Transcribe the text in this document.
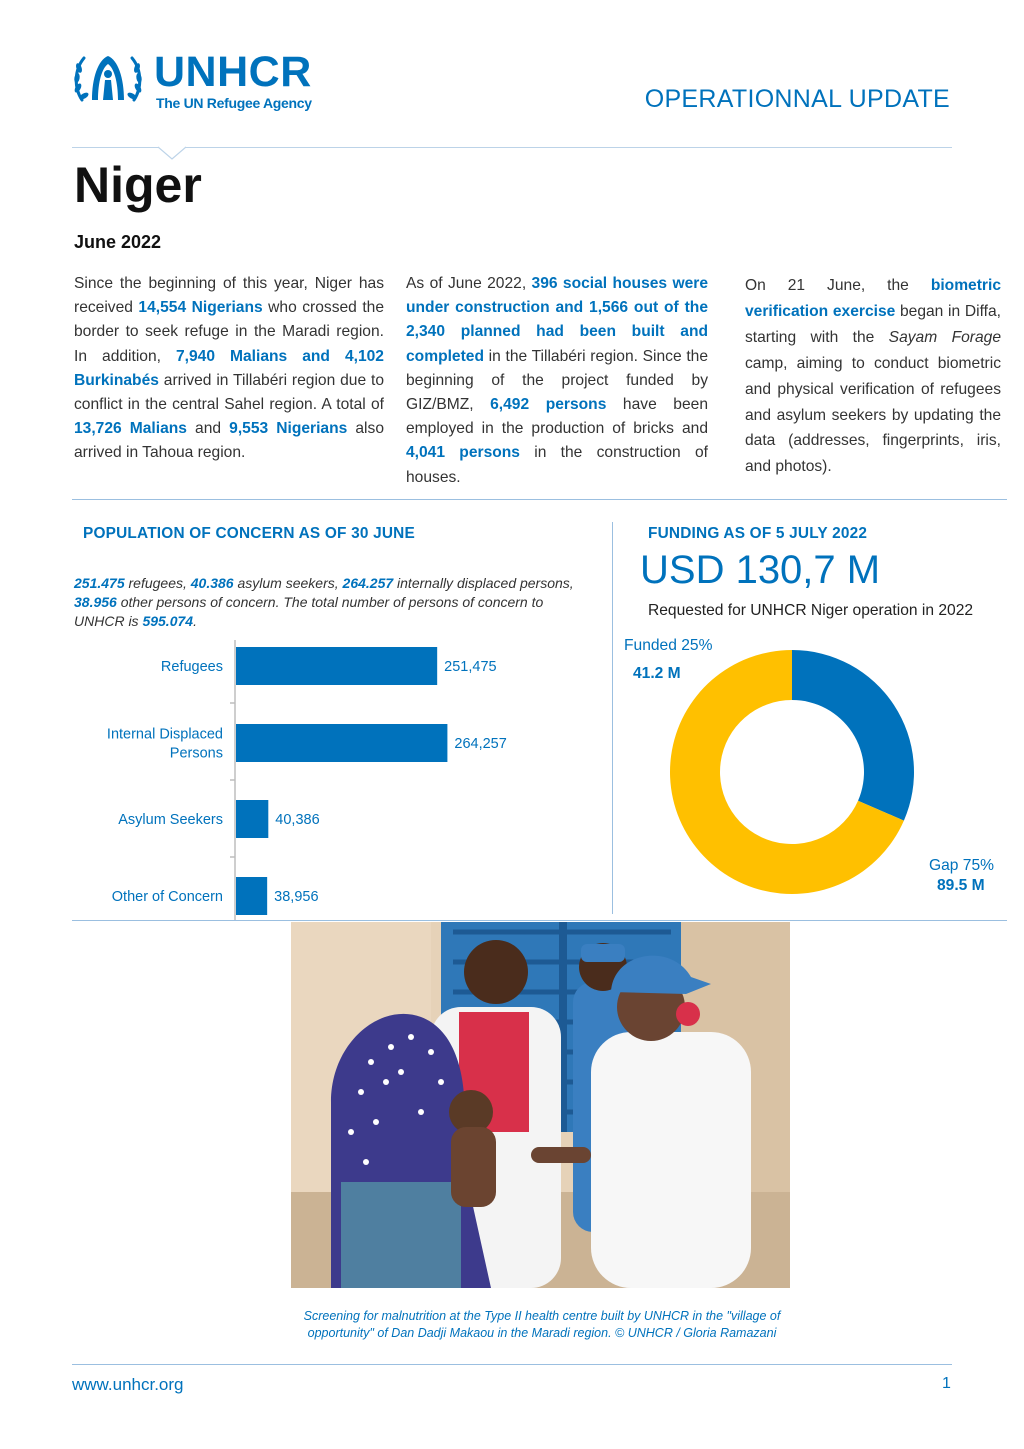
UNHCR
The UN Refugee Agency	OPERATIONNAL UPDATE
Niger
June 2022
Since the beginning of this year, Niger has received 14,554 Nigerians who crossed the border to seek refuge in the Maradi region. In addition, 7,940 Malians and 4,102 Burkinabés arrived in Tillabéri region due to conflict in the central Sahel region. A total of 13,726 Malians and 9,553 Nigerians also arrived in Tahoua region.
As of June 2022, 396 social houses were under construction and 1,566 out of the 2,340 planned had been built and completed in the Tillabéri region. Since the beginning of the project funded by GIZ/BMZ, 6,492 persons have been employed in the production of bricks and 4,041 persons in the construction of houses.
On 21 June, the biometric verification exercise began in Diffa, starting with the Sayam Forage camp, aiming to conduct biometric and physical verification of refugees and asylum seekers by updating the data (addresses, fingerprints, iris, and photos).
POPULATION OF CONCERN AS OF 30 JUNE
251.475 refugees, 40.386 asylum seekers, 264.257 internally displaced persons, 38.956 other persons of concern. The total number of persons of concern to UNHCR is 595.074.
251,475
Refugees
264,257
Internal Displaced
Persons
40,386
Asylum Seekers
38,956
Other of Concern
FUNDING AS OF 5 JULY 2022
USD 130,7 M
Requested for UNHCR Niger operation in 2022
Funded 25%
41.2 M
Gap 75%
89.5 M
Screening for malnutrition at the Type II health centre built by UNHCR in the "village of opportunity" of Dan Dadji Makaou in the Maradi region. © UNHCR / Gloria Ramazani
www.unhcr.org	1
